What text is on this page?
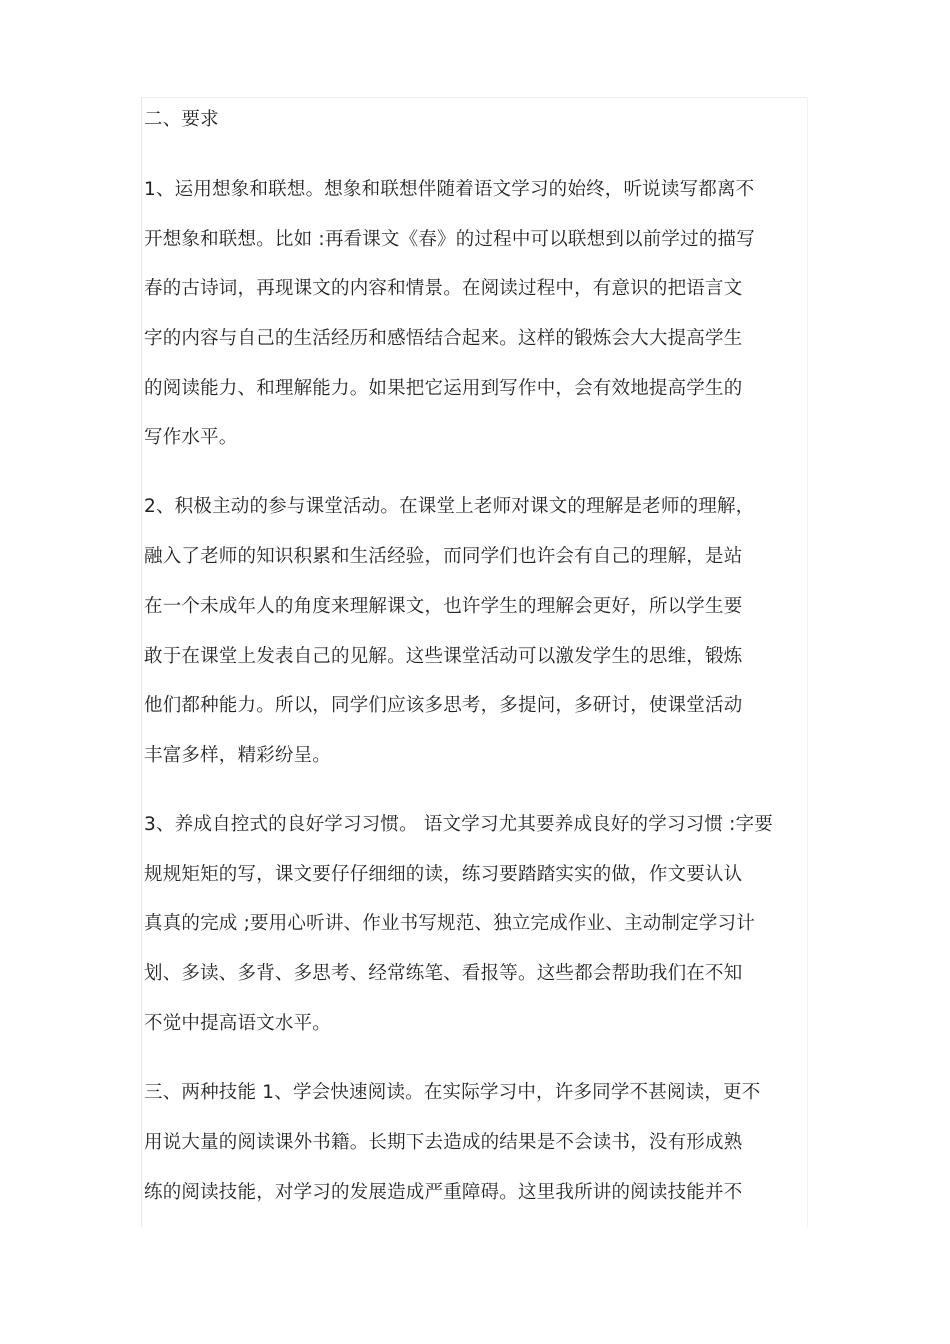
二、要求
1、运用想象和联想。想象和联想伴随着语文学习的始终，听说读写都离不
开想象和联想。比如 :再看课文《春》的过程中可以联想到以前学过的描写
春的古诗词，再现课文的内容和情景。在阅读过程中，有意识的把语言文
字的内容与自己的生活经历和感悟结合起来。这样的锻炼会大大提高学生
的阅读能力、和理解能力。如果把它运用到写作中，会有效地提高学生的
写作水平。
2、积极主动的参与课堂活动。在课堂上老师对课文的理解是老师的理解，
融入了老师的知识积累和生活经验，而同学们也许会有自己的理解，是站
在一个未成年人的角度来理解课文，也许学生的理解会更好，所以学生要
敢于在课堂上发表自己的见解。这些课堂活动可以激发学生的思维，锻炼
他们都种能力。所以，同学们应该多思考，多提问，多研讨，使课堂活动
丰富多样，精彩纷呈。
3、养成自控式的良好学习习惯。 语文学习尤其要养成良好的学习习惯 :字要
规规矩矩的写，课文要仔仔细细的读，练习要踏踏实实的做，作文要认认
真真的完成 ;要用心听讲、作业书写规范、独立完成作业、主动制定学习计
划、多读、多背、多思考、经常练笔、看报等。这些都会帮助我们在不知
不觉中提高语文水平。
三、两种技能 1、学会快速阅读。在实际学习中，许多同学不甚阅读，更不
用说大量的阅读课外书籍。长期下去造成的结果是不会读书，没有形成熟
练的阅读技能，对学习的发展造成严重障碍。这里我所讲的阅读技能并不
